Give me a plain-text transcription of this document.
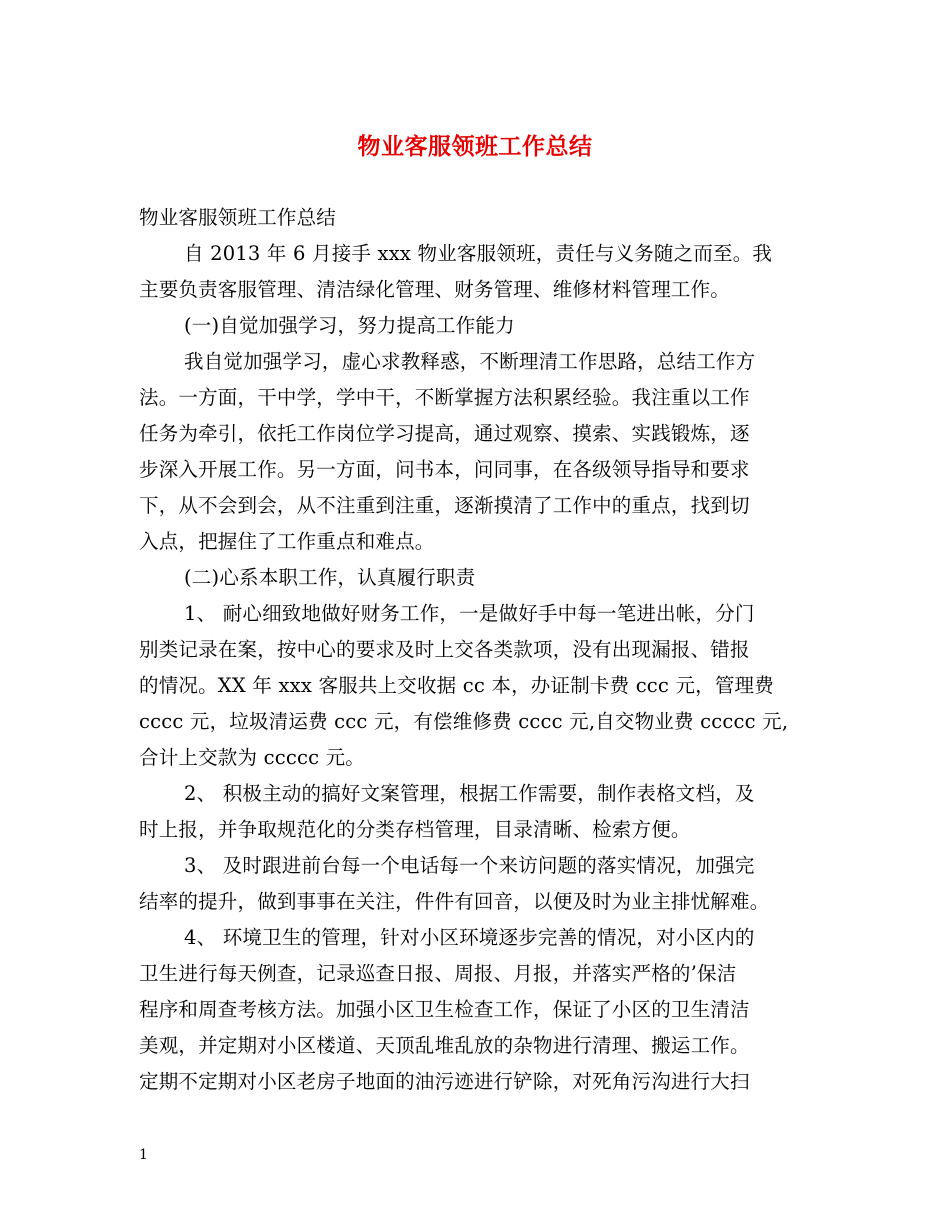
物业客服领班工作总结
物业客服领班工作总结
自 2013 年 6 月接手 xxx 物业客服领班，责任与义务随之而至。我
主要负责客服管理、清洁绿化管理、财务管理、维修材料管理工作。
(一)自觉加强学习，努力提高工作能力
我自觉加强学习，虚心求教释惑，不断理清工作思路，总结工作方
法。一方面，干中学，学中干，不断掌握方法积累经验。我注重以工作
任务为牵引，依托工作岗位学习提高，通过观察、摸索、实践锻炼，逐
步深入开展工作。另一方面，问书本，问同事，在各级领导指导和要求
下，从不会到会，从不注重到注重，逐渐摸清了工作中的重点，找到切
入点，把握住了工作重点和难点。
(二)心系本职工作，认真履行职责
1、 耐心细致地做好财务工作，一是做好手中每一笔进出帐，分门
别类记录在案，按中心的要求及时上交各类款项，没有出现漏报、错报
的情况。XX 年 xxx 客服共上交收据 cc 本，办证制卡费 ccc 元，管理费
cccc 元，垃圾清运费 ccc 元，有偿维修费 cccc 元,自交物业费 ccccc 元,
合计上交款为 ccccc 元。
2、 积极主动的搞好文案管理，根据工作需要，制作表格文档，及
时上报，并争取规范化的分类存档管理，目录清晰、检索方便。
3、 及时跟进前台每一个电话每一个来访问题的落实情况，加强完
结率的提升，做到事事在关注，件件有回音，以便及时为业主排忧解难。
4、 环境卫生的管理，针对小区环境逐步完善的情况，对小区内的
卫生进行每天例查，记录巡查日报、周报、月报，并落实严格的’保洁
程序和周查考核方法。加强小区卫生检查工作，保证了小区的卫生清洁
美观，并定期对小区楼道、天顶乱堆乱放的杂物进行清理、搬运工作。
定期不定期对小区老房子地面的油污迹进行铲除，对死角污沟进行大扫
1
